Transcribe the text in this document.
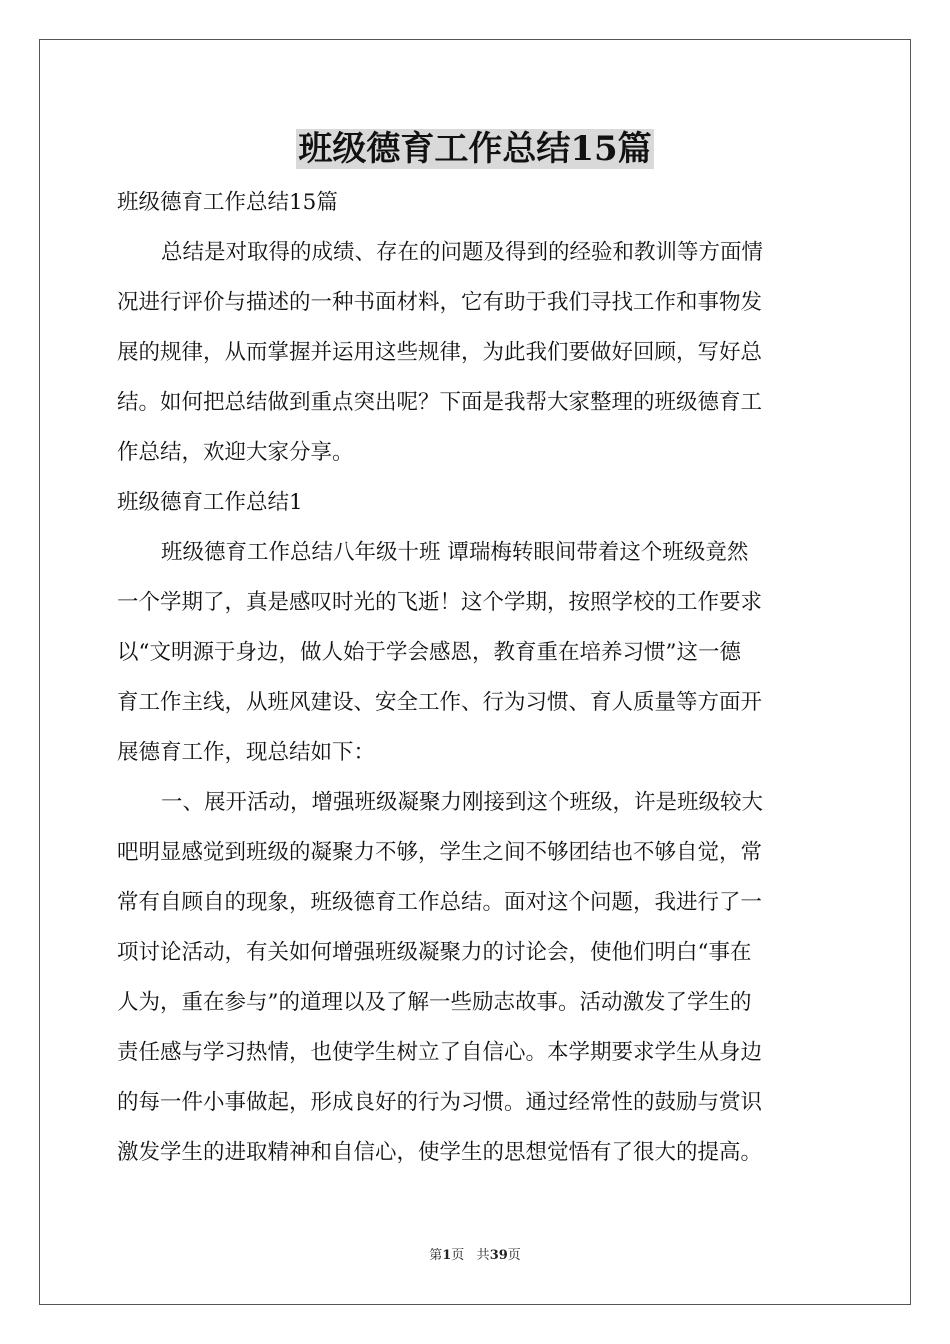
班级德育工作总结15篇

班级德育工作总结15篇

总结是对取得的成绩、存在的问题及得到的经验和教训等方面情

况进行评价与描述的一种书面材料，它有助于我们寻找工作和事物发

展的规律，从而掌握并运用这些规律，为此我们要做好回顾，写好总

结。如何把总结做到重点突出呢？下面是我帮大家整理的班级德育工

作总结，欢迎大家分享。

班级德育工作总结1

班级德育工作总结八年级十班 谭瑞梅转眼间带着这个班级竟然

一个学期了，真是感叹时光的飞逝！这个学期，按照学校的工作要求

以“文明源于身边，做人始于学会感恩，教育重在培养习惯”这一德

育工作主线，从班风建设、安全工作、行为习惯、育人质量等方面开

展德育工作，现总结如下：

一、展开活动，增强班级凝聚力刚接到这个班级，许是班级较大

吧明显感觉到班级的凝聚力不够，学生之间不够团结也不够自觉，常

常有自顾自的现象，班级德育工作总结。面对这个问题，我进行了一

项讨论活动，有关如何增强班级凝聚力的讨论会，使他们明白“事在

人为，重在参与”的道理以及了解一些励志故事。活动激发了学生的

责任感与学习热情，也使学生树立了自信心。本学期要求学生从身边

的每一件小事做起，形成良好的行为习惯。通过经常性的鼓励与赏识

激发学生的进取精神和自信心，使学生的思想觉悟有了很大的提高。

第1页 共39页
